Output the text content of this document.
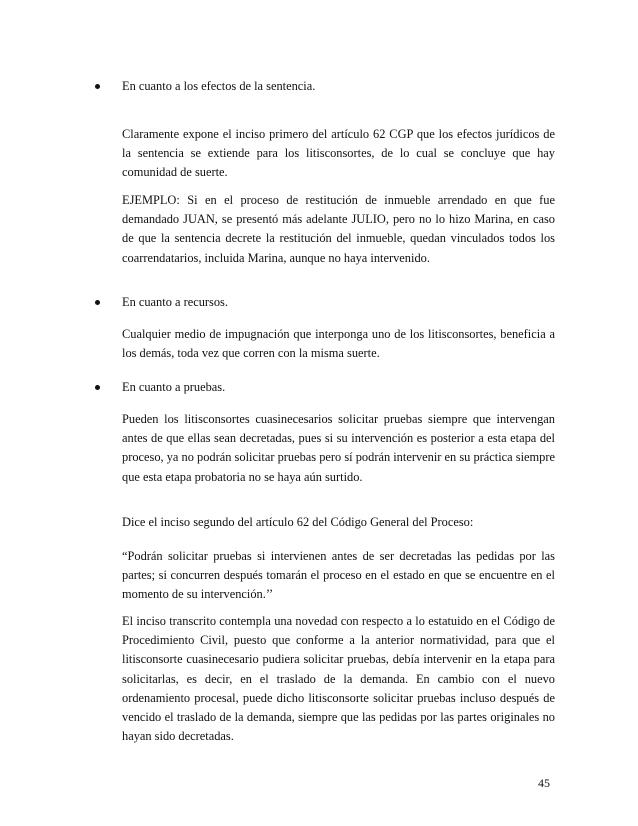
En cuanto a los efectos de la sentencia.

Claramente expone el inciso primero del artículo 62 CGP que los efectos jurídicos de la sentencia se extiende para los litisconsortes, de lo cual se concluye que hay comunidad de suerte.

EJEMPLO: Si en el proceso de restitución de inmueble arrendado en que fue demandado JUAN, se presentó más adelante JULIO, pero no lo hizo Marina, en caso de que la sentencia decrete la restitución del inmueble, quedan vinculados todos los coarrendatarios, incluida Marina, aunque no haya intervenido.

En cuanto a recursos.

Cualquier medio de impugnación que interponga uno de los litisconsortes, beneficia a los demás, toda vez que corren con la misma suerte.

En cuanto a pruebas.

Pueden los litisconsortes cuasinecesarios solicitar pruebas siempre que intervengan antes de que ellas sean decretadas, pues si su intervención es posterior a esta etapa del proceso, ya no podrán solicitar pruebas pero sí podrán intervenir en su práctica siempre que esta etapa probatoria no se haya aún surtido.

Dice el inciso segundo del artículo 62 del Código General del Proceso:

“Podrán solicitar pruebas si intervienen antes de ser decretadas las pedidas por las partes; si concurren después tomarán el proceso en el estado en que se encuentre en el momento de su intervención.’’

El inciso transcrito contempla una novedad con respecto a lo estatuido en el Código de Procedimiento Civil, puesto que conforme a la anterior normatividad, para que el litisconsorte cuasinecesario pudiera solicitar pruebas, debía intervenir en la etapa para solicitarlas, es decir, en el traslado de la demanda. En cambio con el nuevo ordenamiento procesal, puede dicho litisconsorte solicitar pruebas incluso después de vencido el traslado de la demanda, siempre que las pedidas por las partes originales no hayan sido decretadas.

45
